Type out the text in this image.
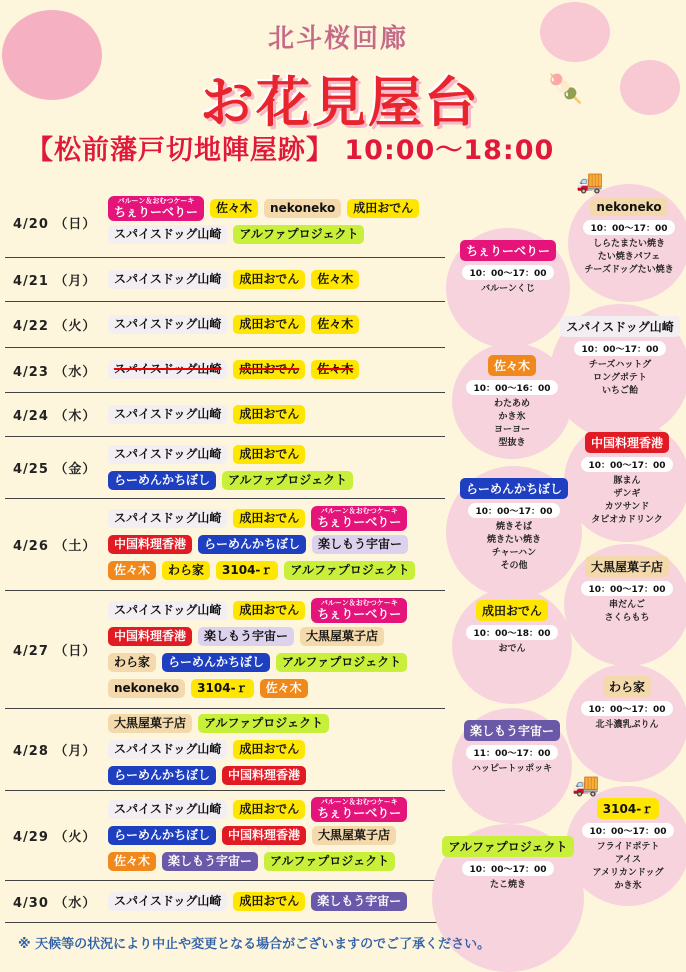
🍡
北斗桜回廊
お花見屋台
【松前藩戸切地陣屋跡】 10:00～18:00
4/20 （日）
バルーン＆おむつケーキ
ちぇりーべりー	佐々木	nekoneko	成田おでん
スパイスドッグ山崎	アルファプロジェクト
4/21 （月）	スパイスドッグ山崎	成田おでん	佐々木
4/22 （火）	スパイスドッグ山崎	成田おでん	佐々木
4/23 （水）	スパイスドッグ山崎	成田おでん	佐々木
4/24 （木）	スパイスドッグ山崎	成田おでん
4/25 （金）
スパイスドッグ山崎	成田おでん
らーめんかちぼし	アルファプロジェクト
4/26 （土）
スパイスドッグ山崎	成田おでん	バルーン＆おむつケーキ
ちぇりーべりー
中国料理香港	らーめんかちぼし	楽しもう宇宙ー
佐々木	わら家	3104-ｒ	アルファプロジェクト
4/27 （日）
スパイスドッグ山崎	成田おでん	バルーン＆おむつケーキ
ちぇりーべりー
中国料理香港	楽しもう宇宙ー	大黒屋菓子店
わら家	らーめんかちぼし	アルファプロジェクト
nekoneko	3104-ｒ	佐々木
4/28 （月）
大黒屋菓子店	アルファプロジェクト
スパイスドッグ山崎	成田おでん
らーめんかちぼし	中国料理香港
4/29 （火）
スパイスドッグ山崎	成田おでん	バルーン＆おむつケーキ
ちぇりーべりー
らーめんかちぼし	中国料理香港	大黒屋菓子店
佐々木	楽しもう宇宙ー	アルファプロジェクト
4/30 （水）	スパイスドッグ山崎	成田おでん	楽しもう宇宙ー
nekoneko
10：00～17：00
しらたまたい焼き
たい焼きパフェ
チーズドッグたい焼き
ちぇりーべりー
10：00～17：00
バルーンくじ
スパイスドッグ山崎
10：00～17：00
チーズハットグ
ロングポテト
いちご飴
佐々木
10：00～16：00
わたあめ
かき氷
ヨーヨー
型抜き	中国料理香港
10：00～17：00
豚まん
ザンギ
カツサンド
タピオカドリンク
らーめんかちぼし
10：00～17：00
焼きそば
焼きたい焼き
チャーハン
その他	大黒屋菓子店
10：00～17：00
串だんご
さくらもち
成田おでん
10：00～18：00
おでん
わら家
10：00～17：00
北斗濃乳ぷりん
楽しもう宇宙ー
11：00～17：00
ハッピートッポッキ
3104-ｒ
10：00～17：00
フライドポテト
アイス
アメリカンドッグ
かき氷
アルファプロジェクト
10：00～17：00
たこ焼き
🚚
🚚
※ 天候等の状況により中止や変更となる場合がございますのでご了承ください。
